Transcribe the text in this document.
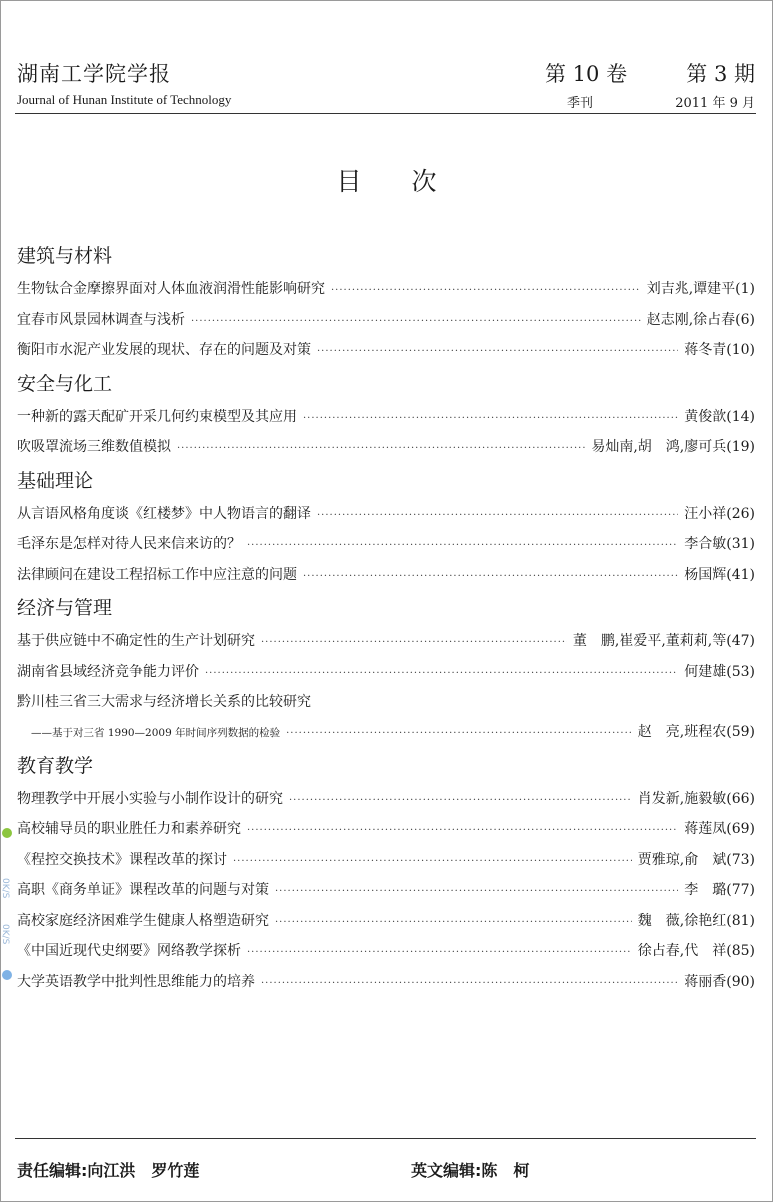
湖南工学院学报
Journal of Hunan Institute of Technology
第 10 卷	第 3 期
季刊	2011 年 9 月
目次
建筑与材料
生物钛合金摩擦界面对人体血液润滑性能影响研究 ·····	刘吉兆,谭建平(1)
宜春市风景园林调查与浅析 ·····	赵志刚,徐占春(6)
衡阳市水泥产业发展的现状、存在的问题及对策 ·····	蒋冬青(10)
安全与化工
一种新的露天配矿开采几何约束模型及其应用 ·····	黄俊歆(14)
吹吸罩流场三维数值模拟 ·····	易灿南,胡　鸿,廖可兵(19)
基础理论
从言语风格角度谈《红楼梦》中人物语言的翻译 ·····	汪小祥(26)
毛泽东是怎样对待人民来信来访的？ ·····	李合敏(31)
法律顾问在建设工程招标工作中应注意的问题 ·····	杨国辉(41)
经济与管理
基于供应链中不确定性的生产计划研究 ·····	董　鹏,崔爱平,董莉莉,等(47)
湖南省县域经济竞争能力评价 ·····	何建雄(53)
黔川桂三省三大需求与经济增长关系的比较研究
——基于对三省 1990—2009 年时间序列数据的检验 ·····	赵　亮,班程农(59)
教育教学
物理教学中开展小实验与小制作设计的研究 ·····	肖发新,施毅敏(66)
高校辅导员的职业胜任力和素养研究 ·····	蒋莲凤(69)
《程控交换技术》课程改革的探讨 ·····	贾雅琼,俞　斌(73)
高职《商务单证》课程改革的问题与对策 ·····	李　璐(77)
高校家庭经济困难学生健康人格塑造研究 ·····	魏　薇,徐艳红(81)
《中国近现代史纲要》网络教学探析 ·····	徐占春,代　祥(85)
大学英语教学中批判性思维能力的培养 ·····	蒋丽香(90)
责任编辑:向江洪　罗竹莲	英文编辑:陈　柯
0K/S
0K/S
